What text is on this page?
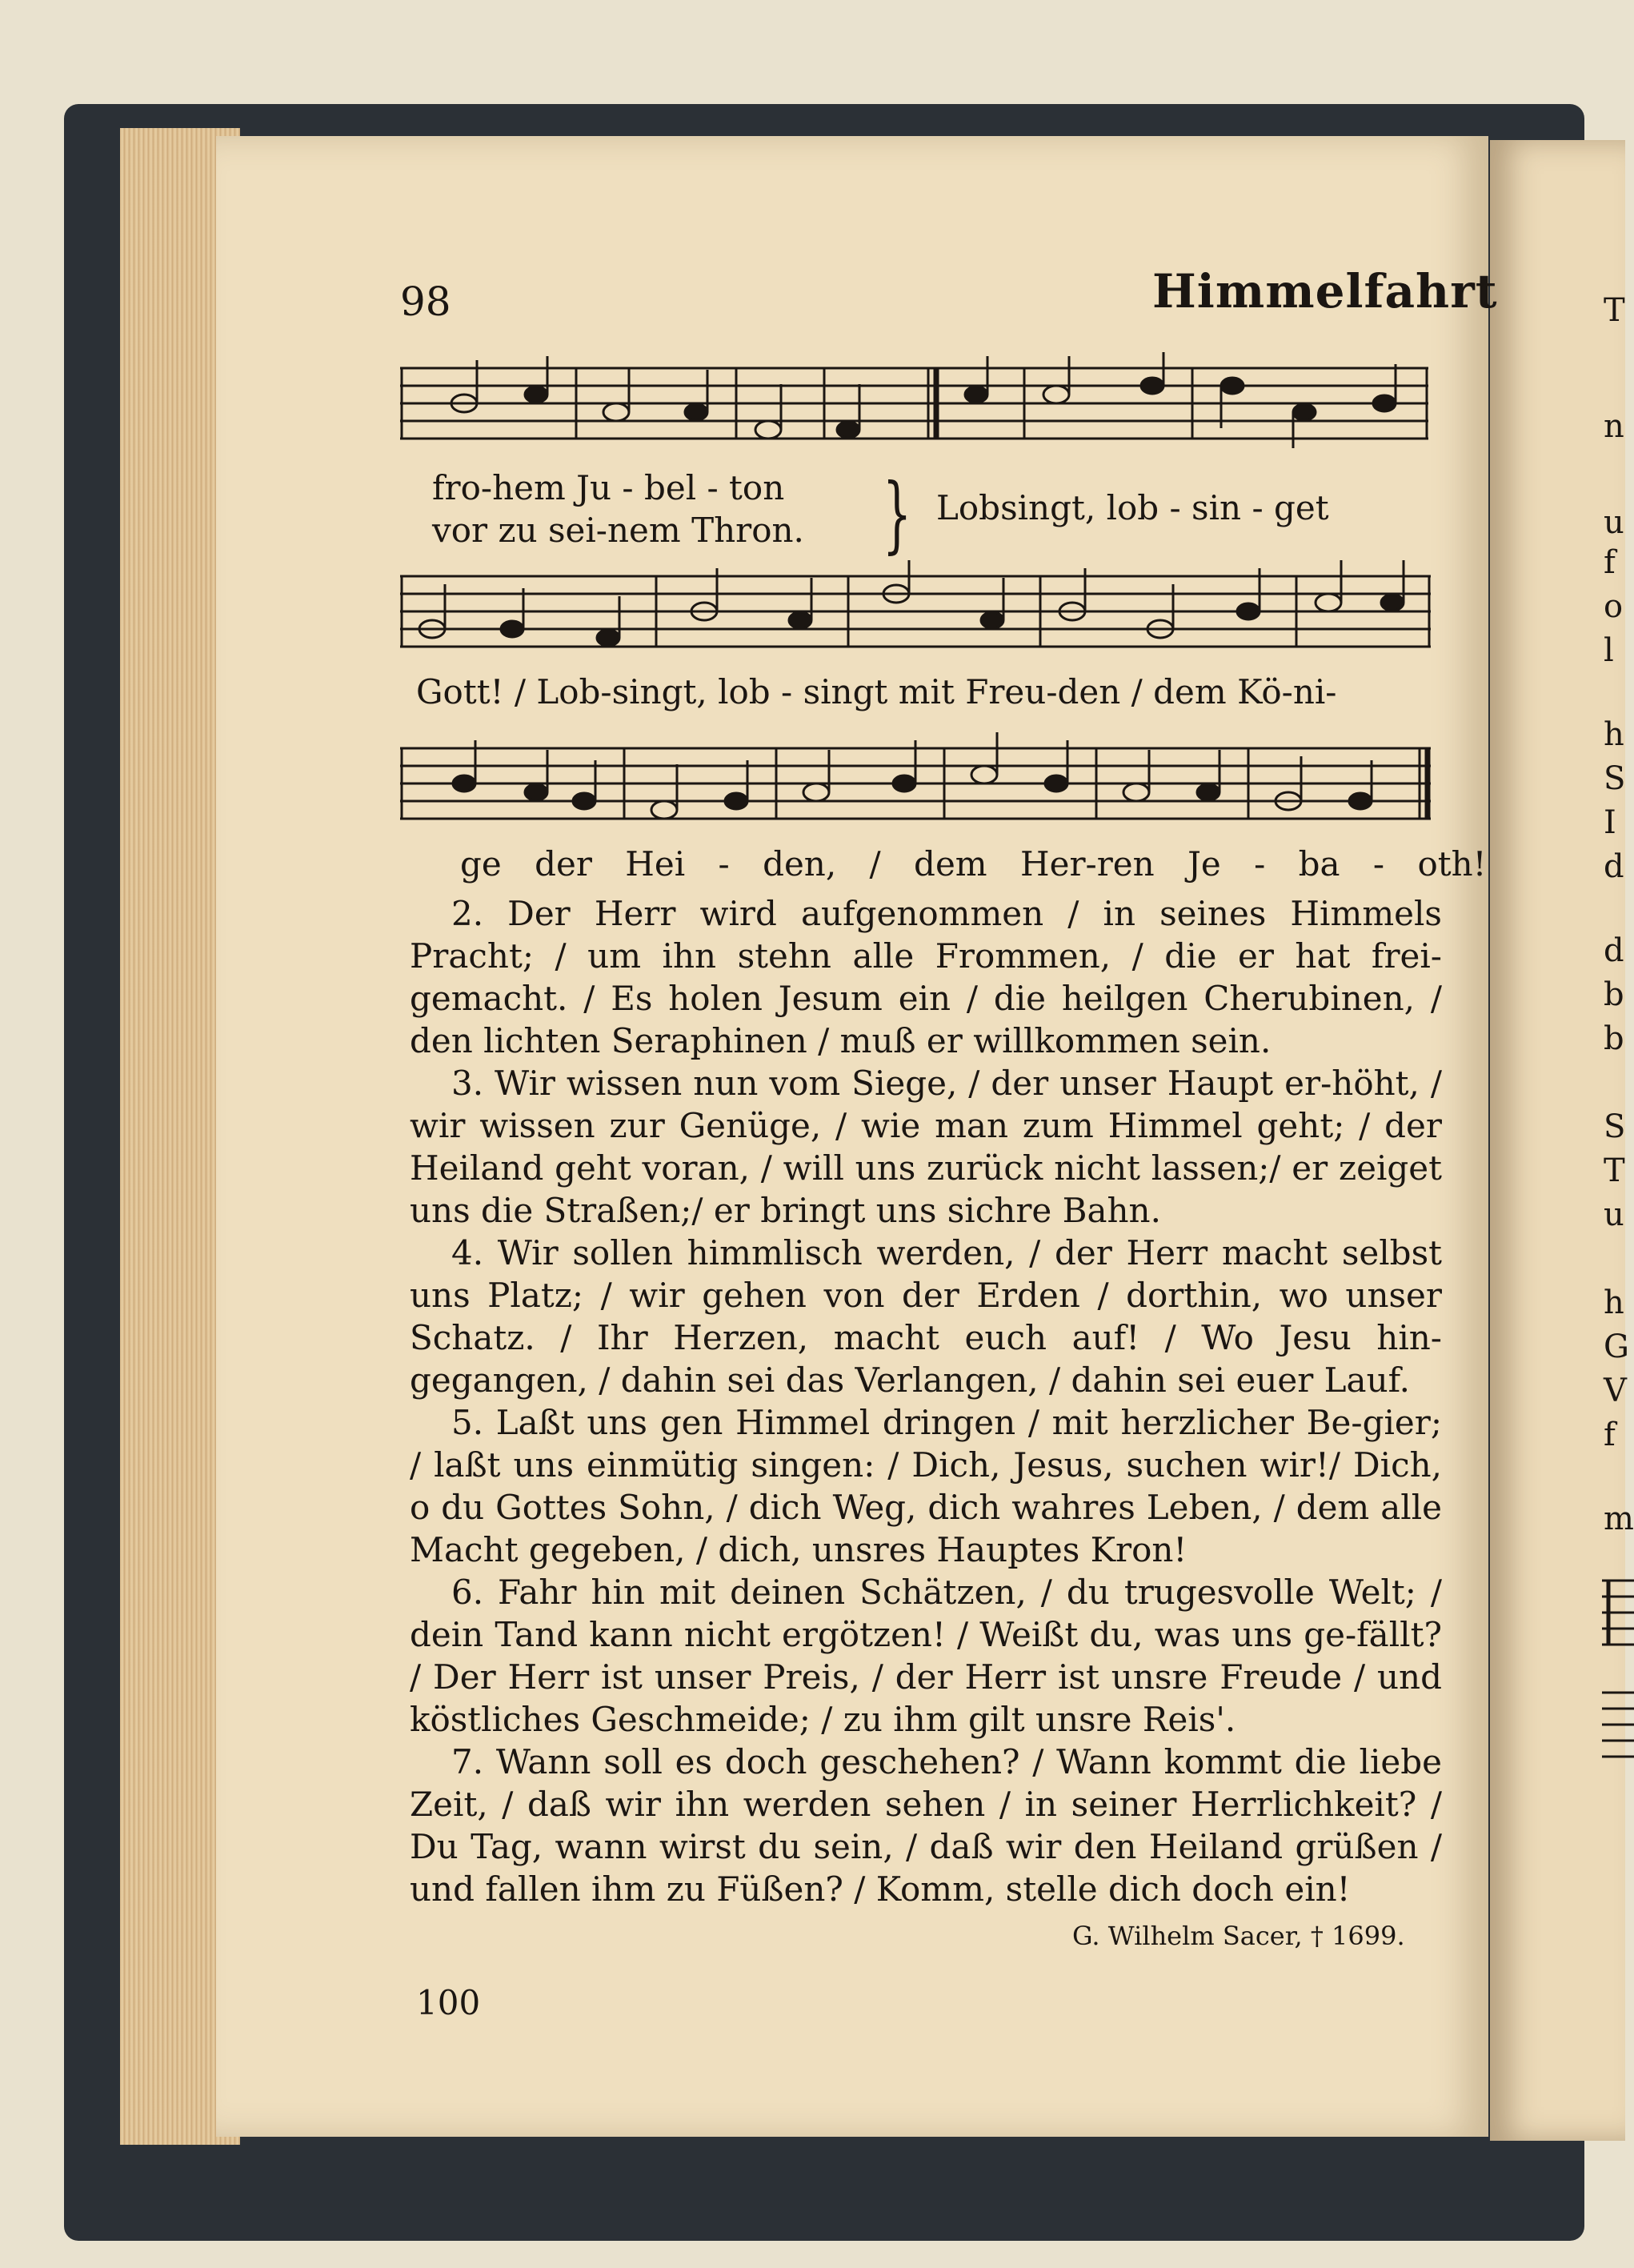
T
n
u
f
o
l
h
S
I
d
d
b
b
S
T
u
h
G
V
f
m
98	Himmelfahrt
fro-hem Ju - bel - ton
vor zu sei-nem Thron. } Lobsingt, lob - sin - get
Gott! / Lob-singt, lob - singt mit Freu-den / dem Kö-ni-
ge der Hei - den, / dem Her-ren Je - ba - oth!

2. Der Herr wird aufgenommen / in seines Himmels Pracht; / um ihn stehn alle Frommen, / die er hat frei-gemacht. / Es holen Jesum ein / die heilgen Cherubinen, / den lichten Seraphinen / muß er willkommen sein.

3. Wir wissen nun vom Siege, / der unser Haupt er-höht, / wir wissen zur Genüge, / wie man zum Himmel geht; / der Heiland geht voran, / will uns zurück nicht lassen;/ er zeiget uns die Straßen;/ er bringt uns sichre Bahn.

4. Wir sollen himmlisch werden, / der Herr macht selbst uns Platz; / wir gehen von der Erden / dorthin, wo unser Schatz. / Ihr Herzen, macht euch auf! / Wo Jesu hin-gegangen, / dahin sei das Verlangen, / dahin sei euer Lauf.

5. Laßt uns gen Himmel dringen / mit herzlicher Be-gier; / laßt uns einmütig singen: / Dich, Jesus, suchen wir!/ Dich, o du Gottes Sohn, / dich Weg, dich wahres Leben, / dem alle Macht gegeben, / dich, unsres Hauptes Kron!

6. Fahr hin mit deinen Schätzen, / du trugesvolle Welt; / dein Tand kann nicht ergötzen! / Weißt du, was uns ge-fällt? / Der Herr ist unser Preis, / der Herr ist unsre Freude / und köstliches Geschmeide; / zu ihm gilt unsre Reis'.

7. Wann soll es doch geschehen? / Wann kommt die liebe Zeit, / daß wir ihn werden sehen / in seiner Herrlichkeit? / Du Tag, wann wirst du sein, / daß wir den Heiland grüßen / und fallen ihm zu Füßen? / Komm, stelle dich doch ein!

G. Wilhelm Sacer, † 1699.
100
